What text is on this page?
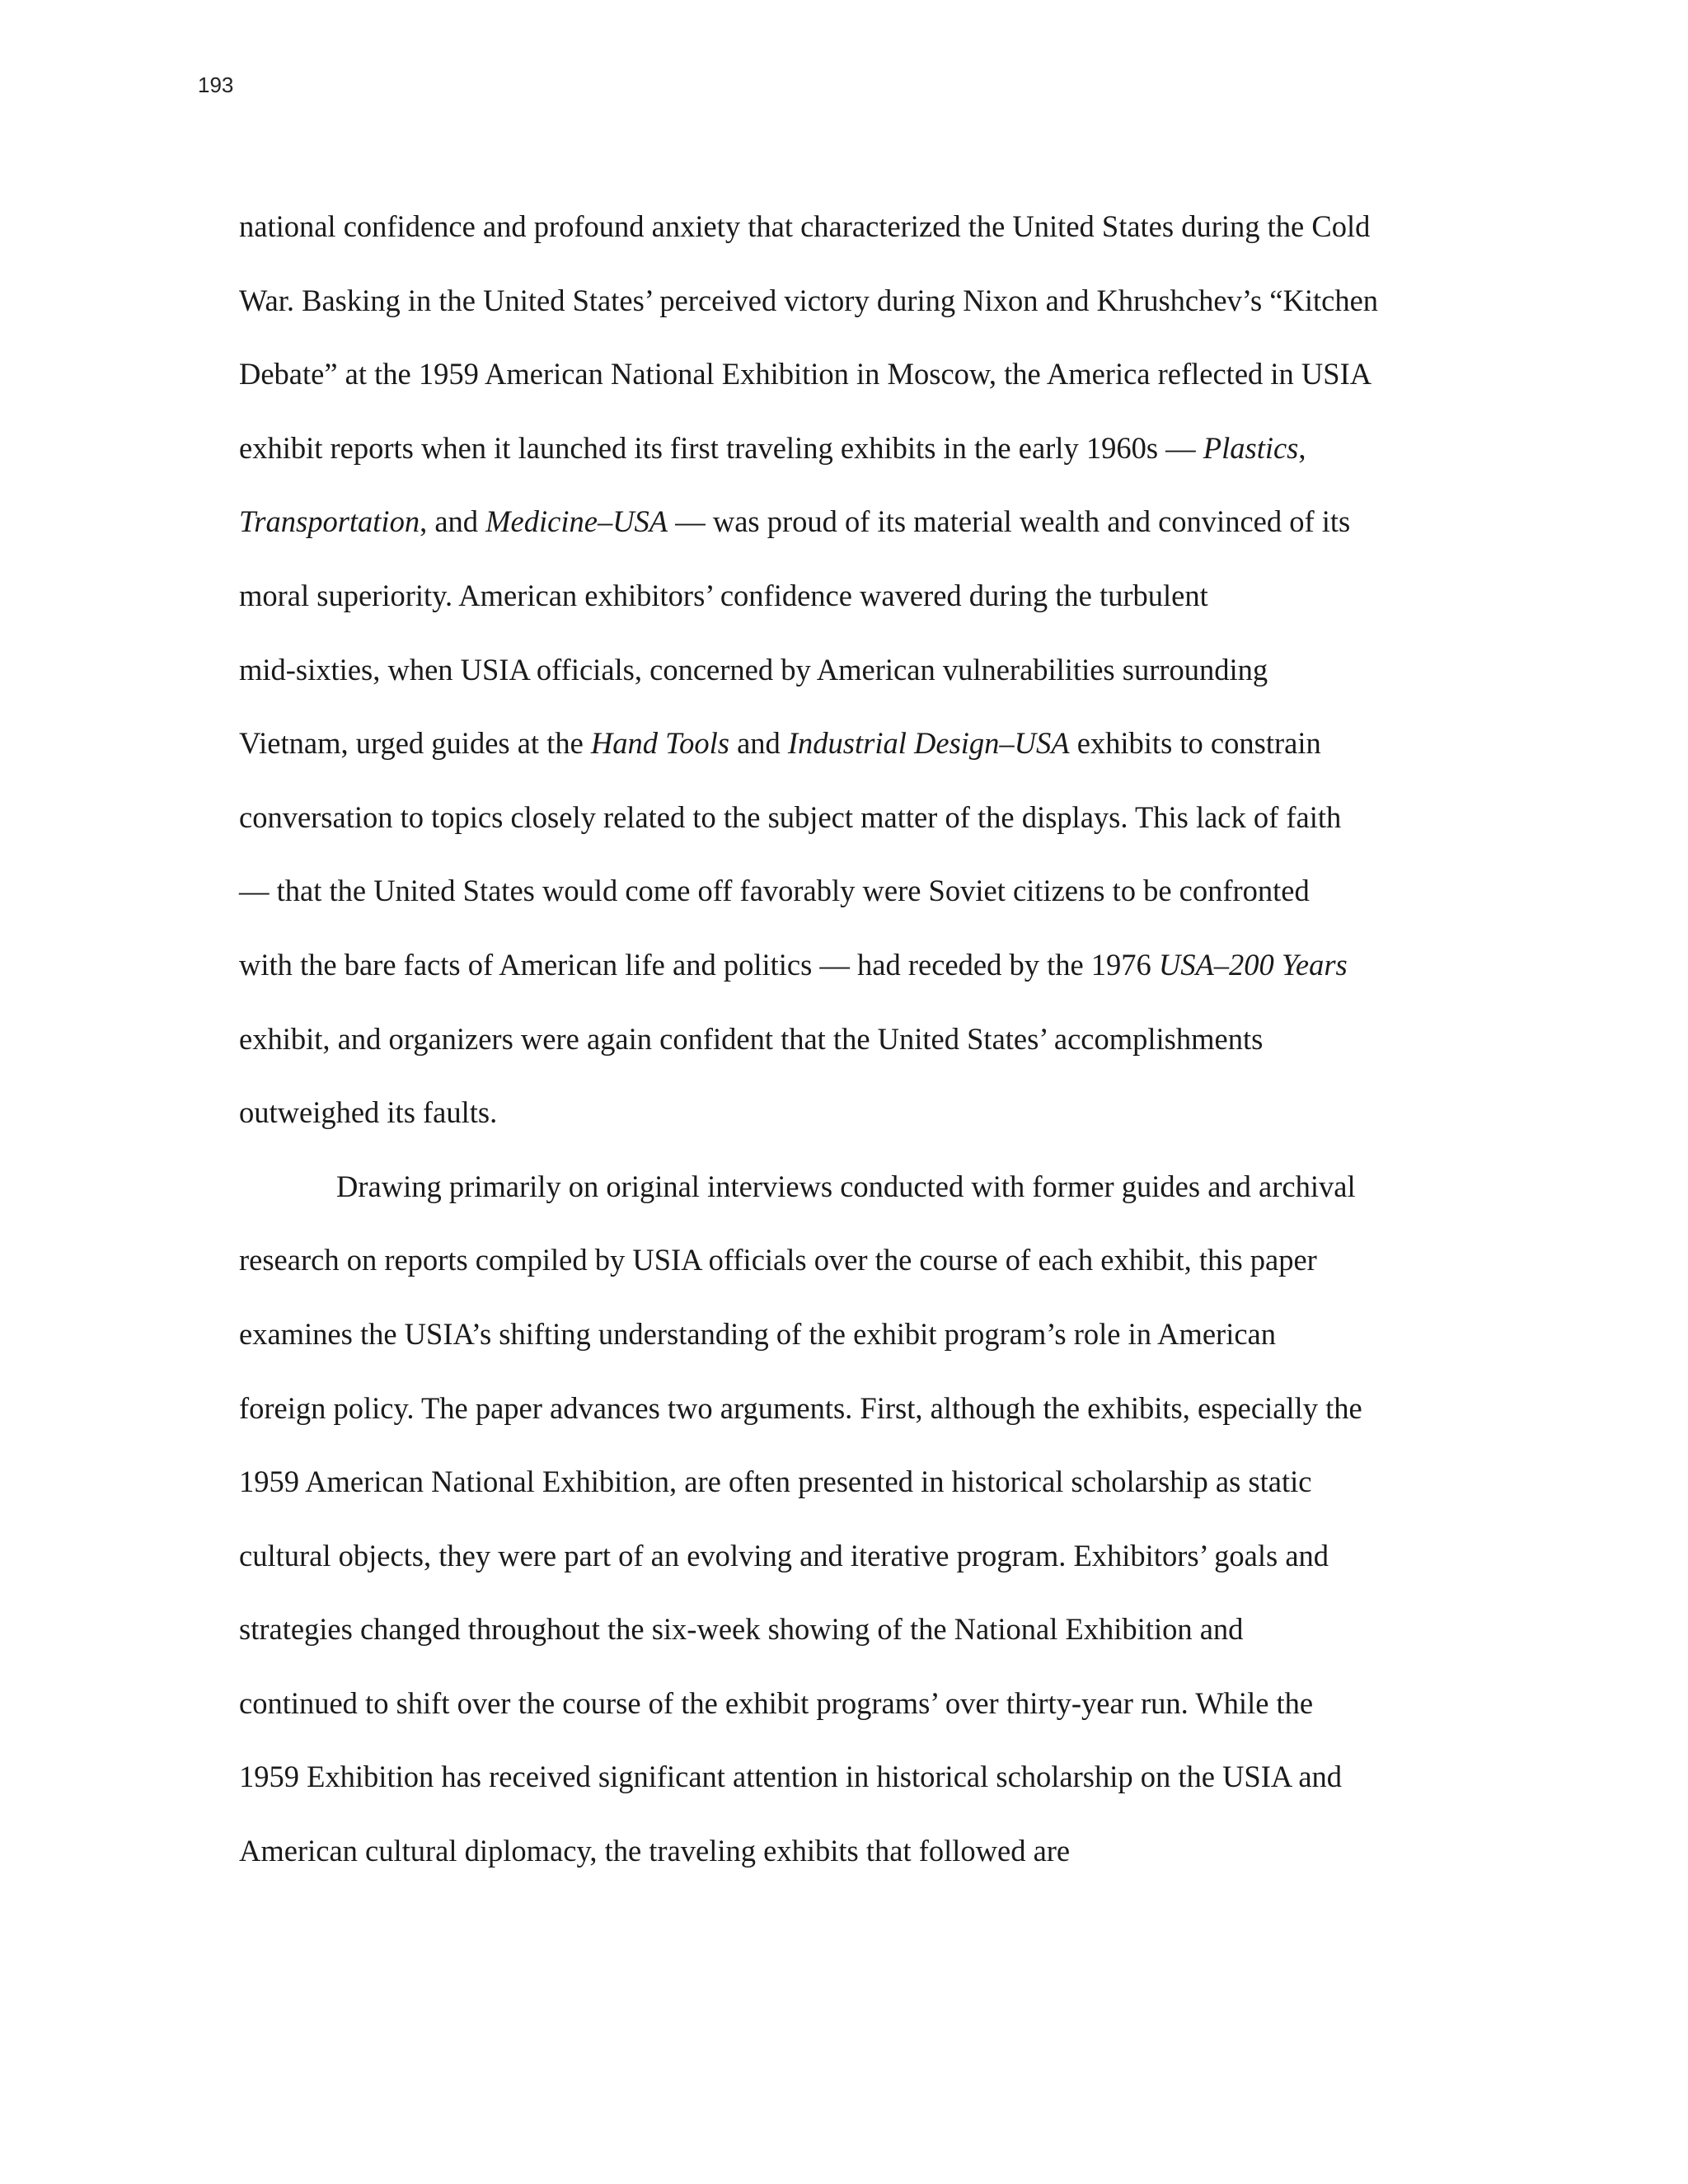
193

national confidence and profound anxiety that characterized the United States during the Cold
War. Basking in the United States’ perceived victory during Nixon and Khrushchev’s “Kitchen
Debate” at the 1959 American National Exhibition in Moscow, the America reflected in USIA
exhibit reports when it launched its first traveling exhibits in the early 1960s — Plastics,
Transportation, and Medicine–USA — was proud of its material wealth and convinced of its
moral superiority. American exhibitors’ confidence wavered during the turbulent
mid-sixties, when USIA officials, concerned by American vulnerabilities surrounding
Vietnam, urged guides at the Hand Tools and Industrial Design–USA exhibits to constrain
conversation to topics closely related to the subject matter of the displays. This lack of faith
— that the United States would come off favorably were Soviet citizens to be confronted
with the bare facts of American life and politics — had receded by the 1976 USA–200 Years
exhibit, and organizers were again confident that the United States’ accomplishments
outweighed its faults.
Drawing primarily on original interviews conducted with former guides and archival
research on reports compiled by USIA officials over the course of each exhibit, this paper
examines the USIA’s shifting understanding of the exhibit program’s role in American
foreign policy. The paper advances two arguments. First, although the exhibits, especially the
1959 American National Exhibition, are often presented in historical scholarship as static
cultural objects, they were part of an evolving and iterative program. Exhibitors’ goals and
strategies changed throughout the six-week showing of the National Exhibition and
continued to shift over the course of the exhibit programs’ over thirty-year run. While the
1959 Exhibition has received significant attention in historical scholarship on the USIA and
American cultural diplomacy, the traveling exhibits that followed are
